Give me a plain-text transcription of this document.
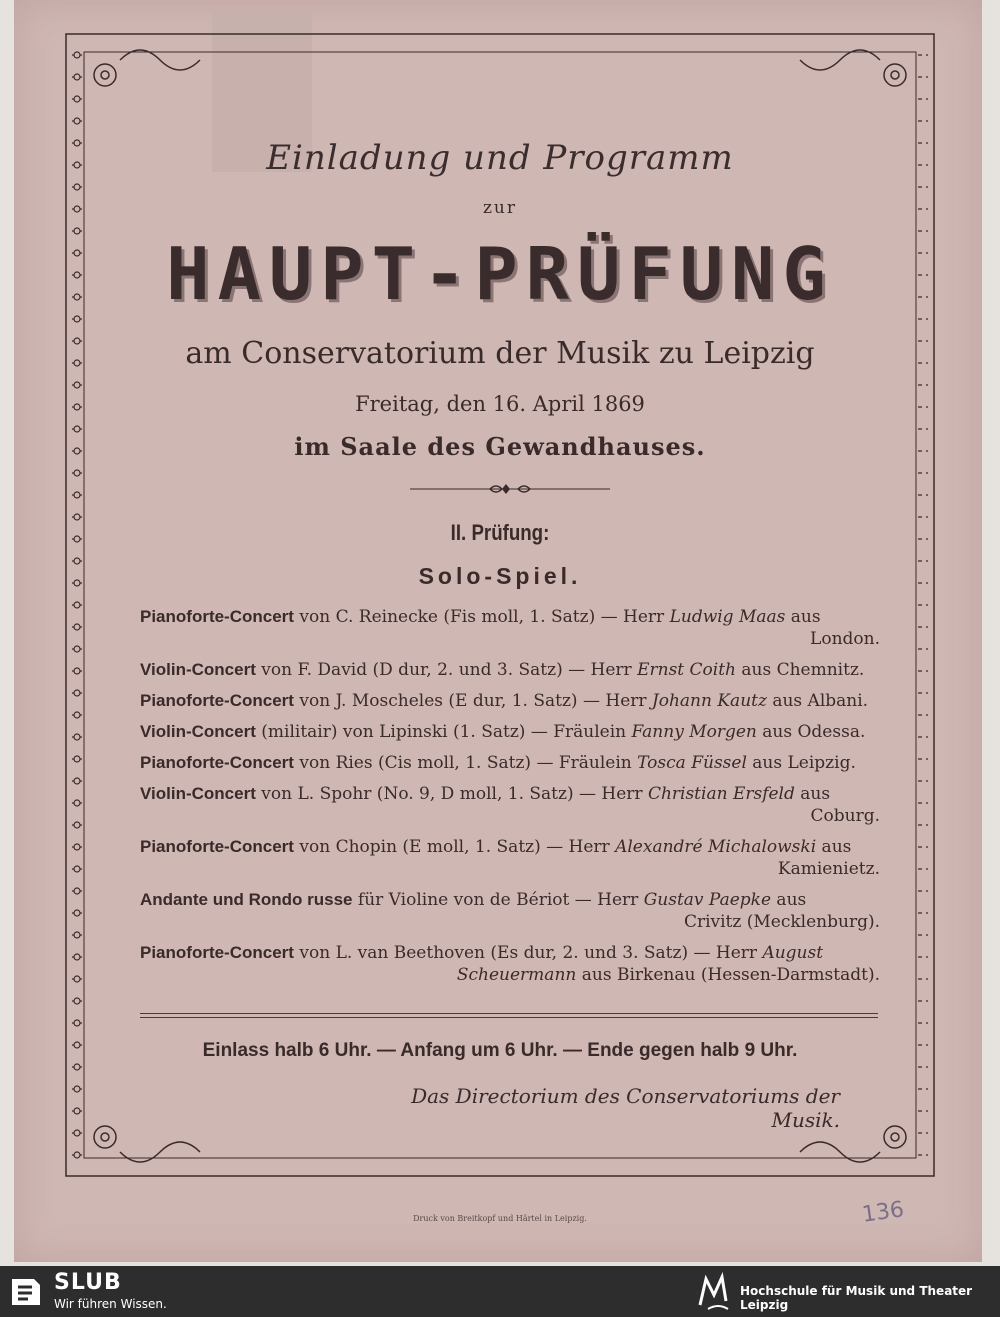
Einladung und Programm
zur
HAUPT-PRÜFUNG
am Conservatorium der Musik zu Leipzig
Freitag, den 16. April 1869
im Saale des Gewandhauses.
II. Prüfung:
Solo-Spiel.
Pianoforte-Concert von C. Reinecke (Fis moll, 1. Satz) — Herr Ludwig Maas aus
London.
Violin-Concert von F. David (D dur, 2. und 3. Satz) — Herr Ernst Coith aus Chemnitz.
Pianoforte-Concert von J. Moscheles (E dur, 1. Satz) — Herr Johann Kautz aus Albani.
Violin-Concert (militair) von Lipinski (1. Satz) — Fräulein Fanny Morgen aus Odessa.
Pianoforte-Concert von Ries (Cis moll, 1. Satz) — Fräulein Tosca Füssel aus Leipzig.
Violin-Concert von L. Spohr (No. 9, D moll, 1. Satz) — Herr Christian Ersfeld aus
Coburg.
Pianoforte-Concert von Chopin (E moll, 1. Satz) — Herr Alexandré Michalowski aus
Kamienietz.
Andante und Rondo russe für Violine von de Bériot — Herr Gustav Paepke aus
Crivitz (Mecklenburg).
Pianoforte-Concert von L. van Beethoven (Es dur, 2. und 3. Satz) — Herr August
Scheuermann aus Birkenau (Hessen-Darmstadt).
Einlass halb 6 Uhr. — Anfang um 6 Uhr. — Ende gegen halb 9 Uhr.
Das Directorium des Conservatoriums der Musik.
Druck von Breitkopf und Härtel in Leipzig.	136
SLUB
Wir führen Wissen.
Hochschule für Musik und Theater Leipzig
